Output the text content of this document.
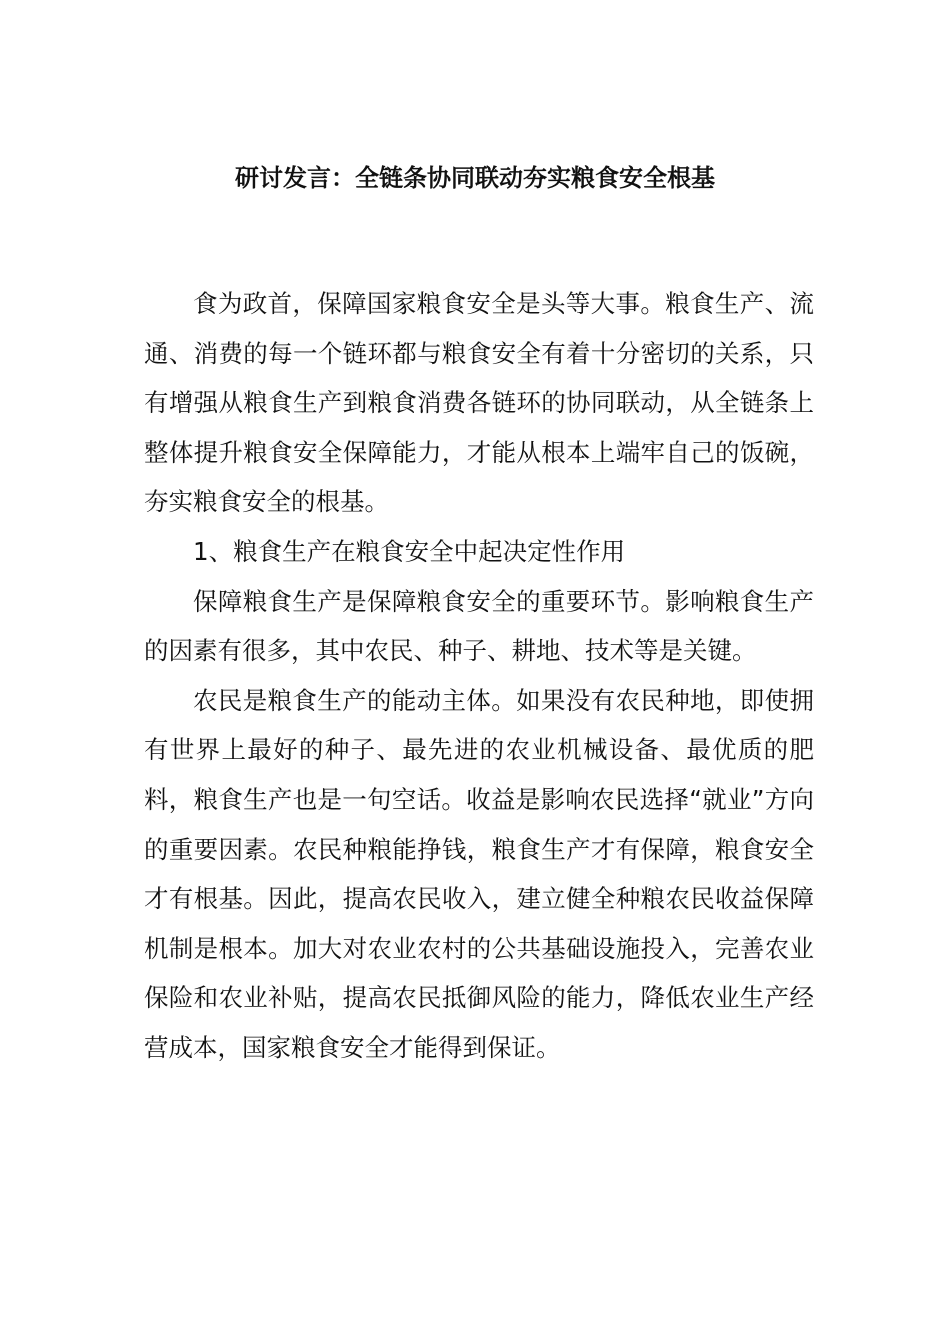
研讨发言：全链条协同联动夯实粮食安全根基

食为政首，保障国家粮食安全是头等大事。粮食生产、流通、消费的每一个链环都与粮食安全有着十分密切的关系，只有增强从粮食生产到粮食消费各链环的协同联动，从全链条上整体提升粮食安全保障能力，才能从根本上端牢自己的饭碗，夯实粮食安全的根基。

1、粮食生产在粮食安全中起决定性作用

保障粮食生产是保障粮食安全的重要环节。影响粮食生产的因素有很多，其中农民、种子、耕地、技术等是关键。

农民是粮食生产的能动主体。如果没有农民种地，即使拥有世界上最好的种子、最先进的农业机械设备、最优质的肥料，粮食生产也是一句空话。收益是影响农民选择“就业”方向的重要因素。农民种粮能挣钱，粮食生产才有保障，粮食安全才有根基。因此，提高农民收入，建立健全种粮农民收益保障机制是根本。加大对农业农村的公共基础设施投入，完善农业保险和农业补贴，提高农民抵御风险的能力，降低农业生产经营成本，国家粮食安全才能得到保证。
